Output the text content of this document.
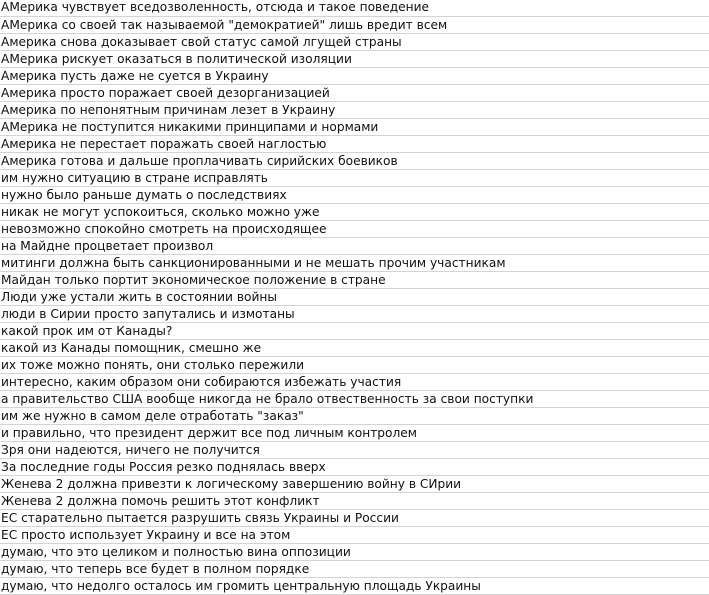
АМерика чувствует вседозволенность, отсюда и такое поведение
АМерика со своей так называемой "демократией" лишь вредит всем
Америка снова доказывает свой статус самой лгущей страны
АМерика рискует оказаться в политической изоляции
Америка пусть даже не суется в Украину
Америка просто поражает своей дезорганизацией
Америка по непонятным причинам лезет в Украину
АМерика не поступится никакими принципами и нормами
Америка не перестает поражать своей наглостью
Америка готова и дальше проплачивать сирийских боевиков
им нужно ситуацию в стране исправлять
нужно было раньше думать о последствиях
никак не могут успокоиться, сколько можно уже
невозможно спокойно смотреть на происходящее
на Майдне процветает произвол
митинги должна быть санкционированными и не мешать прочим участникам
Майдан только портит экономическое положение в стране
Люди уже устали жить в состоянии войны
люди в Сирии просто запутались и измотаны
какой прок им от Канады?
какой из Канады помощник, смешно же
их тоже можно понять, они столько пережили
интересно, каким образом они собираются избежать участия
а правительство США вообще никогда не брало отвественность за свои поступки
им же нужно в самом деле отработать "заказ"
и правильно, что президент держит все под личным контролем
Зря они надеются, ничего не получится
За последние годы Россия резко поднялась вверх
Женева 2 должна привезти к логическому завершению войну в СИрии
Женева 2 должна помочь решить этот конфликт
ЕС старательно пытается разрушить связь Украины и России
ЕС просто использует Украину и все на этом
думаю, что это целиком и полностью вина оппозиции
думаю, что теперь все будет в полном порядке
думаю, что недолго осталось им громить центральную площадь Украины
